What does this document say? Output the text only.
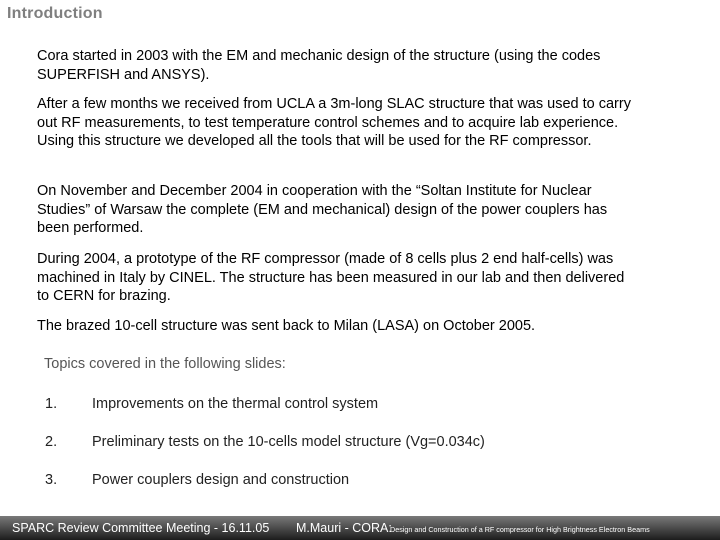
Introduction
Cora started in 2003 with the EM and mechanic design of the structure (using the codes SUPERFISH and ANSYS).
After a few months we received from UCLA a 3m-long SLAC structure that was used to carry out RF measurements, to test temperature control schemes and to acquire lab experience. Using this structure we developed all the tools that will be used for the RF compressor.
On November and December 2004 in cooperation with the “Soltan Institute for Nuclear Studies” of Warsaw the complete (EM and mechanical) design of the power couplers has been performed.
During 2004, a prototype of the RF compressor (made of 8 cells plus 2 end half-cells) was machined in Italy by CINEL. The structure has been measured in our lab and then delivered to CERN for brazing.
The brazed 10-cell structure was sent back to Milan (LASA) on October 2005.
Topics covered in the following slides:
1. Improvements on the thermal control system
2. Preliminary tests on the 10-cells model structure (Vg=0.034c)
3. Power couplers design and construction
SPARC Review Committee Meeting - 16.11.05 M.Mauri - CORA:
Design and Construction of a RF compressor for High Brightness Electron Beams
